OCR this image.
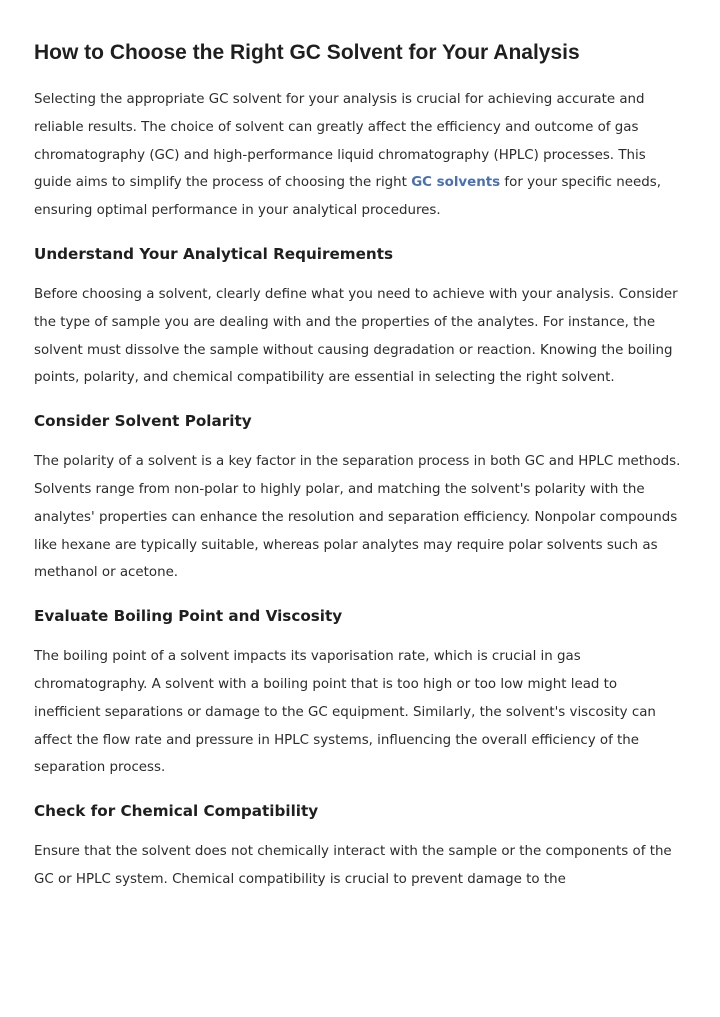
How to Choose the Right GC Solvent for Your Analysis

Selecting the appropriate GC solvent for your analysis is crucial for achieving accurate and reliable results. The choice of solvent can greatly affect the efficiency and outcome of gas chromatography (GC) and high-performance liquid chromatography (HPLC) processes. This guide aims to simplify the process of choosing the right GC solvents for your specific needs, ensuring optimal performance in your analytical procedures.

Understand Your Analytical Requirements

Before choosing a solvent, clearly define what you need to achieve with your analysis. Consider the type of sample you are dealing with and the properties of the analytes. For instance, the solvent must dissolve the sample without causing degradation or reaction. Knowing the boiling points, polarity, and chemical compatibility are essential in selecting the right solvent.

Consider Solvent Polarity

The polarity of a solvent is a key factor in the separation process in both GC and HPLC methods. Solvents range from non-polar to highly polar, and matching the solvent's polarity with the analytes' properties can enhance the resolution and separation efficiency. Nonpolar compounds like hexane are typically suitable, whereas polar analytes may require polar solvents such as methanol or acetone.

Evaluate Boiling Point and Viscosity

The boiling point of a solvent impacts its vaporisation rate, which is crucial in gas chromatography. A solvent with a boiling point that is too high or too low might lead to inefficient separations or damage to the GC equipment. Similarly, the solvent's viscosity can affect the flow rate and pressure in HPLC systems, influencing the overall efficiency of the separation process.

Check for Chemical Compatibility

Ensure that the solvent does not chemically interact with the sample or the components of the GC or HPLC system. Chemical compatibility is crucial to prevent damage to the
